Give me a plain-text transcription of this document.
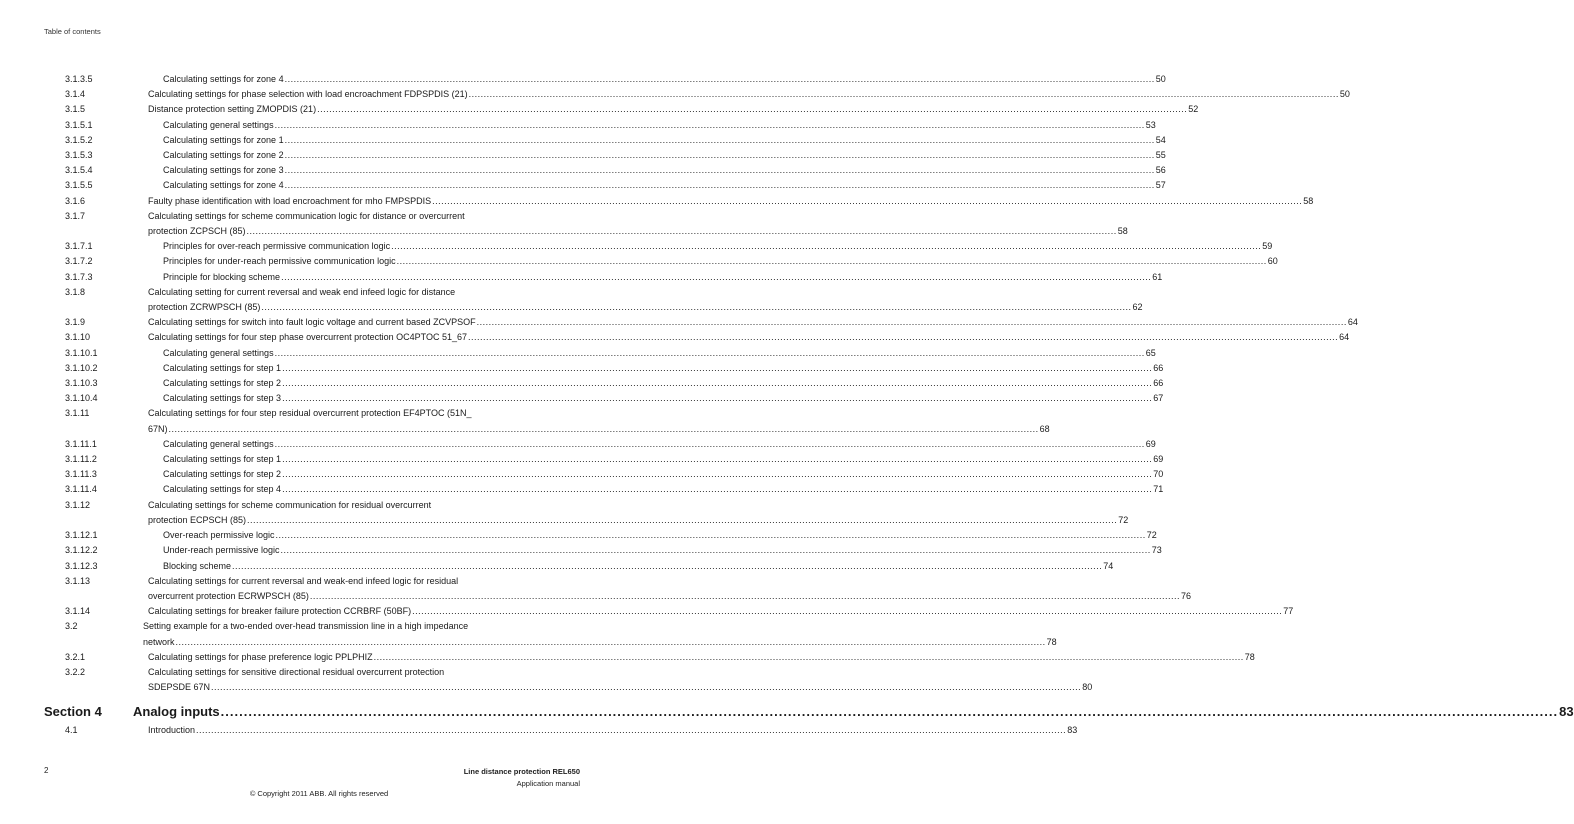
Table of contents
3.1.3.5	Calculating settings for zone 4 .....	50
3.1.4	Calculating settings for phase selection with load encroachment FDPSPDIS (21) .....	50
3.1.5	Distance protection setting ZMOPDIS (21) .....	52
3.1.5.1	Calculating general settings .....	53
3.1.5.2	Calculating settings for zone 1 .....	54
3.1.5.3	Calculating settings for zone 2 .....	55
3.1.5.4	Calculating settings for zone 3 .....	56
3.1.5.5	Calculating settings for zone 4 .....	57
3.1.6	Faulty phase identification with load encroachment for mho FMPSPDIS .....	58
3.1.7	Calculating settings for scheme communication logic for distance or overcurrent
protection ZCPSCH (85) .....	58
3.1.7.1	Principles for over-reach permissive communication logic .....	59
3.1.7.2	Principles for under-reach permissive communication logic .....	60
3.1.7.3	Principle for blocking scheme .....	61
3.1.8	Calculating setting for current reversal and weak end infeed logic for distance
protection ZCRWPSCH (85) .....	62
3.1.9	Calculating settings for switch into fault logic voltage and current based ZCVPSOF .....	64
3.1.10	Calculating settings for four step phase overcurrent protection OC4PTOC 51_67 .....	64
3.1.10.1	Calculating general settings .....	65
3.1.10.2	Calculating settings for step 1 .....	66
3.1.10.3	Calculating settings for step 2 .....	66
3.1.10.4	Calculating settings for step 3 .....	67
3.1.11	Calculating settings for four step residual overcurrent protection EF4PTOC (51N_
67N) .....	68
3.1.11.1	Calculating general settings .....	69
3.1.11.2	Calculating settings for step 1 .....	69
3.1.11.3	Calculating settings for step 2 .....	70
3.1.11.4	Calculating settings for step 4 .....	71
3.1.12	Calculating settings for scheme communication for residual overcurrent
protection ECPSCH (85) .....	72
3.1.12.1	Over-reach permissive logic .....	72
3.1.12.2	Under-reach permissive logic .....	73
3.1.12.3	Blocking scheme .....	74
3.1.13	Calculating settings for current reversal and weak-end infeed logic for residual
overcurrent protection ECRWPSCH (85) .....	76
3.1.14	Calculating settings for breaker failure protection CCRBRF (50BF) .....	77
3.2	Setting example for a two-ended over-head transmission line in a high impedance
network .....	78
3.2.1	Calculating settings for phase preference logic PPLPHIZ .....	78
3.2.2	Calculating settings for sensitive directional residual overcurrent protection
SDEPSDE 67N .....	80
Section 4	Analog inputs .....	83
4.1	Introduction .....	83
2	Line distance protection REL650
Application manual
© Copyright 2011 ABB. All rights reserved
